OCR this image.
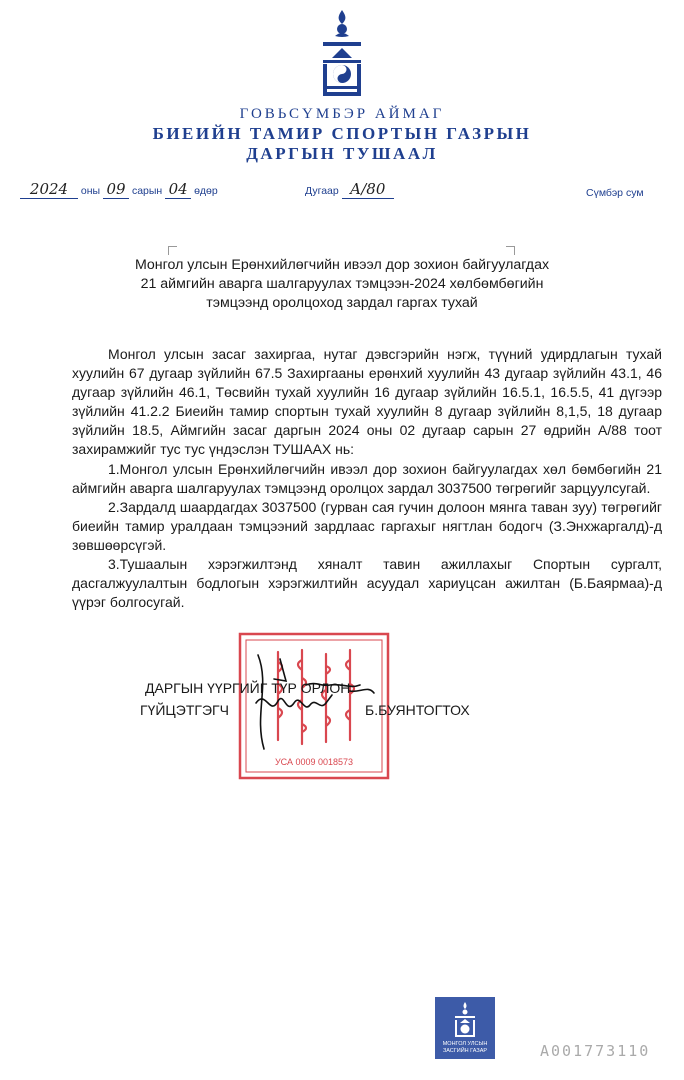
ГОВЬСҮМБЭР АЙМАГ
БИЕИЙН ТАМИР СПОРТЫН ГАЗРЫН
ДАРГЫН ТУШААЛ
2024 оны 09 сарын 04 өдөр	Дугаар А/80	Сүмбэр сум
Монгол улсын Ерөнхийлөгчийн ивээл дор зохион байгуулагдах
21 аймгийн аварга шалгаруулах тэмцээн-2024 хөлбөмбөгийн
тэмцээнд оролцоход зардал гаргах тухай

Монгол улсын засаг захиргаа, нутаг дэвсгэрийн нэгж, түүний удирдлагын тухай хуулийн 67 дугаар зүйлийн 67.5 Захиргааны ерөнхий хуулийн 43 дугаар зүйлийн 43.1, 46 дугаар зүйлийн 46.1, Төсвийн тухай хуулийн 16 дугаар зүйлийн 16.5.1, 16.5.5, 41 дүгээр зүйлийн 41.2.2 Биеийн тамир спортын тухай хуулийн 8 дугаар зүйлийн 8,1,5, 18 дугаар зүйлийн 18.5, Аймгийн засаг даргын 2024 оны 02 дугаар сарын 27 өдрийн А/88 тоот захирамжийг тус тус үндэслэн ТУШААХ нь:

1.Монгол улсын Ерөнхийлөгчийн ивээл дор зохион байгуулагдах хөл бөмбөгийн 21 аймгийн аварга шалгаруулах тэмцээнд оролцох зардал 3037500 төгрөгийг зарцуулсугай.

2.Зардалд шаардагдах 3037500 (гурван сая гучин долоон мянга таван зуу) төгрөгийг биеийн тамир уралдаан тэмцээний зардлаас гаргахыг нягтлан бодогч (З.Энхжаргалд)-д зөвшөөрсүгэй.

3.Тушаалын хэрэгжилтэнд хяналт тавин ажиллахыг Спортын сургалт, дасгалжуулалтын бодлогын хэрэгжилтийн асуудал хариуцсан ажилтан (Б.Баярмаа)-д үүрэг болгосугай.

УСА 0009 0018573
ДАРГЫН ҮҮРГИЙГ ТҮР ОРЛОН
ГҮЙЦЭТГЭГЧ	Б.БУЯНТОГТОХ
МОНГОЛ УЛСЫН
ЗАСГИЙН ГАЗАР	А001773110
